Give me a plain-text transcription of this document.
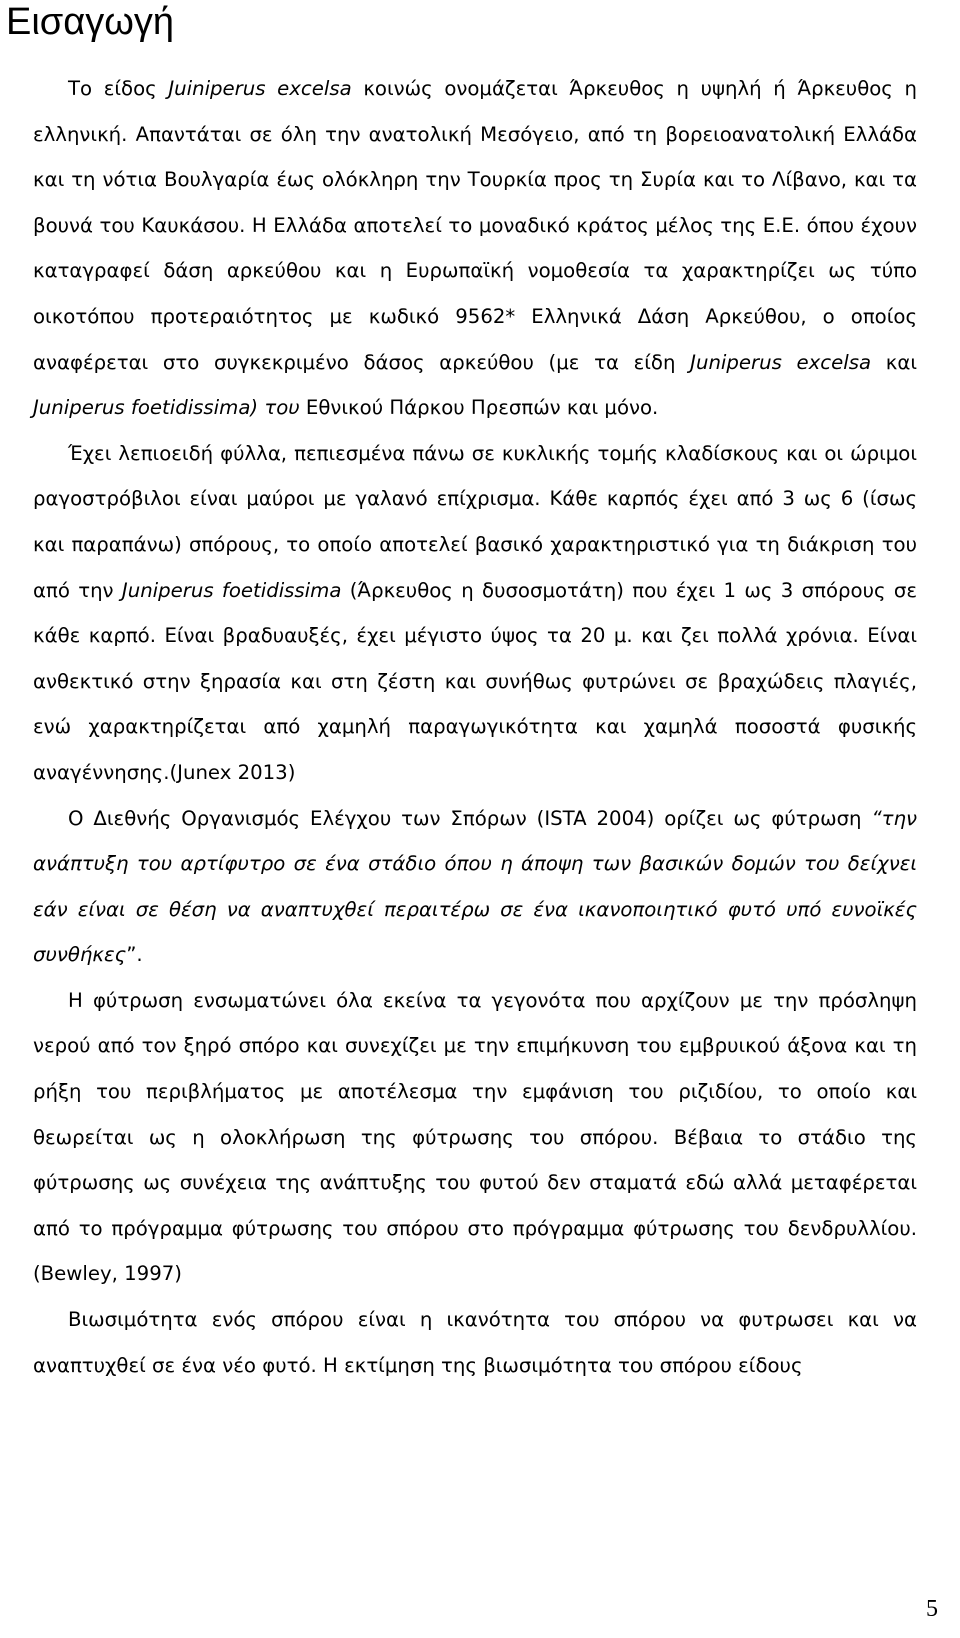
Εισαγωγή

Το είδος Juiniperus excelsa κοινώς ονομάζεται Άρκευθος η υψηλή ή Άρκευθος η ελληνική. Απαντάται σε όλη την ανατολική Μεσόγειο, από τη βορειοανατολική Ελλάδα και τη νότια Βουλγαρία έως ολόκληρη την Τουρκία προς τη Συρία και το Λίβανο, και τα βουνά του Καυκάσου. Η Ελλάδα αποτελεί το μοναδικό κράτος μέλος της Ε.Ε. όπου έχουν καταγραφεί δάση αρκεύθου και η Ευρωπαϊκή νομοθεσία τα χαρακτηρίζει ως τύπο οικοτόπου προτεραιότητος με κωδικό 9562* Ελληνικά Δάση Αρκεύθου, ο οποίος αναφέρεται στο συγκεκριμένο δάσος αρκεύθου (με τα είδη Juniperus excelsa και Juniperus foetidissima) του Εθνικού Πάρκου Πρεσπών και μόνο.

Έχει λεπιοειδή φύλλα, πεπιεσμένα πάνω σε κυκλικής τομής κλαδίσκους και οι ώριμοι ραγοστρόβιλοι είναι μαύροι με γαλανό επίχρισμα. Κάθε καρπός έχει από 3 ως 6 (ίσως και παραπάνω) σπόρους, το οποίο αποτελεί βασικό χαρακτηριστικό για τη διάκριση του από την Juniperus foetidissima (Άρκευθος η δυσοσμοτάτη) που έχει 1 ως 3 σπόρους σε κάθε καρπό. Είναι βραδυαυξές, έχει μέγιστο ύψος τα 20 μ. και ζει πολλά χρόνια. Είναι ανθεκτικό στην ξηρασία και στη ζέστη και συνήθως φυτρώνει σε βραχώδεις πλαγιές, ενώ χαρακτηρίζεται από χαμηλή παραγωγικότητα και χαμηλά ποσοστά φυσικής αναγέννησης.(Junex 2013)

Ο Διεθνής Οργανισμός Ελέγχου των Σπόρων (ISTA 2004) ορίζει ως φύτρωση “την ανάπτυξη του αρτίφυτρο σε ένα στάδιο όπου η άποψη των βασικών δομών του δείχνει εάν είναι σε θέση να αναπτυχθεί περαιτέρω σε ένα ικανοποιητικό φυτό υπό ευνοϊκές συνθήκες”.

Η φύτρωση ενσωματώνει όλα εκείνα τα γεγονότα που αρχίζουν με την πρόσληψη νερού από τον ξηρό σπόρο και συνεχίζει με την επιμήκυνση του εμβρυικού άξονα και τη ρήξη του περιβλήματος με αποτέλεσμα την εμφάνιση του ριζιδίου, το οποίο και θεωρείται ως η ολοκλήρωση της φύτρωσης του σπόρου. Βέβαια το στάδιο της φύτρωσης ως συνέχεια της ανάπτυξης του φυτού δεν σταματά εδώ αλλά μεταφέρεται από το πρόγραμμα φύτρωσης του σπόρου στο πρόγραμμα φύτρωσης του δενδρυλλίου. (Bewley, 1997)

Βιωσιμότητα ενός σπόρου είναι η ικανότητα του σπόρου να φυτρωσει και να αναπτυχθεί σε ένα νέο φυτό. Η εκτίμηση της βιωσιμότητα του σπόρου είδους

5
